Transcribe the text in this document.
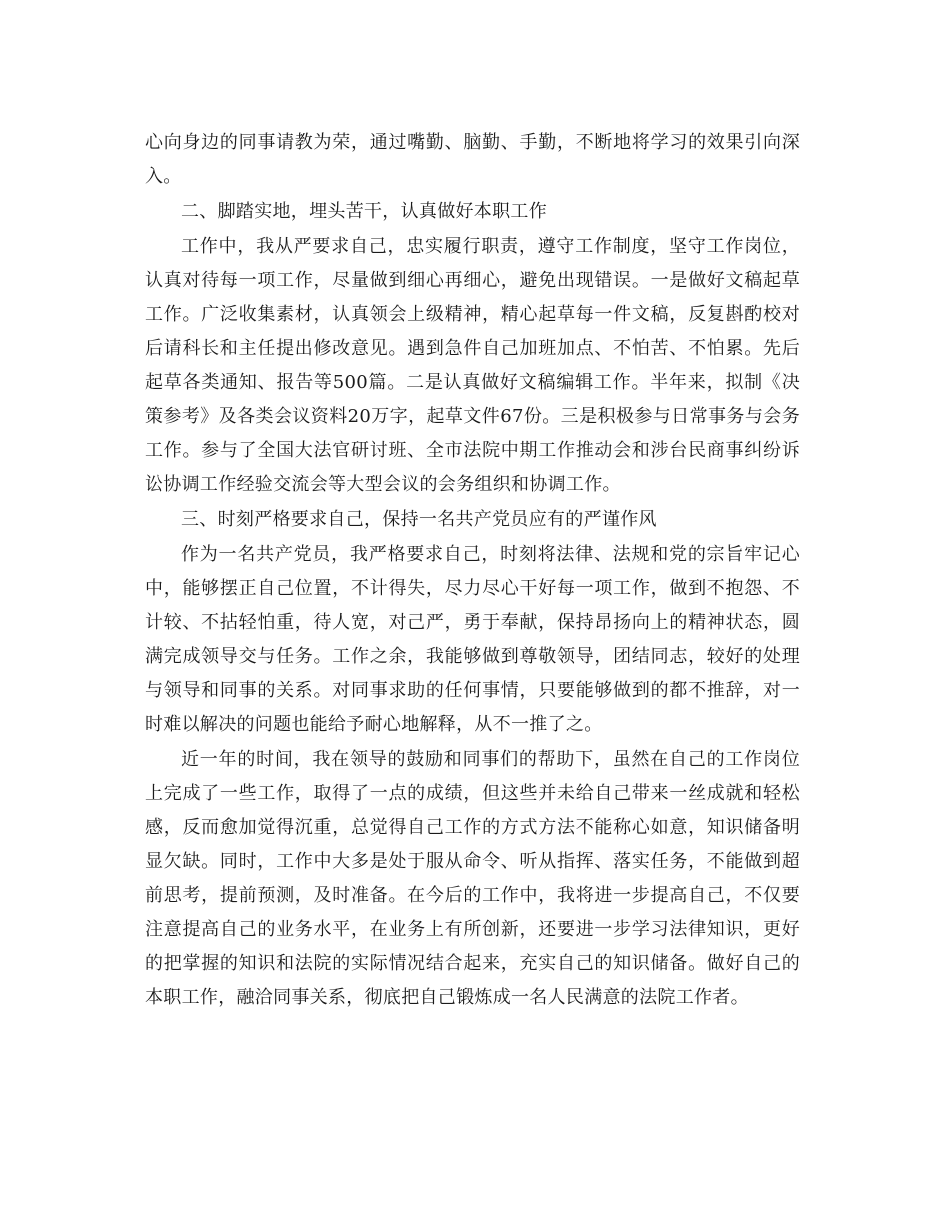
心向身边的同事请教为荣，通过嘴勤、脑勤、手勤，不断地将学习的效果引向深入。

二、脚踏实地，埋头苦干，认真做好本职工作

工作中，我从严要求自己，忠实履行职责，遵守工作制度，坚守工作岗位，认真对待每一项工作，尽量做到细心再细心，避免出现错误。一是做好文稿起草工作。广泛收集素材，认真领会上级精神，精心起草每一件文稿，反复斟酌校对后请科长和主任提出修改意见。遇到急件自己加班加点、不怕苦、不怕累。先后起草各类通知、报告等500篇。二是认真做好文稿编辑工作。半年来，拟制《决策参考》及各类会议资料20万字，起草文件67份。三是积极参与日常事务与会务工作。参与了全国大法官研讨班、全市法院中期工作推动会和涉台民商事纠纷诉讼协调工作经验交流会等大型会议的会务组织和协调工作。

三、时刻严格要求自己，保持一名共产党员应有的严谨作风

作为一名共产党员，我严格要求自己，时刻将法律、法规和党的宗旨牢记心中，能够摆正自己位置，不计得失，尽力尽心干好每一项工作，做到不抱怨、不计较、不拈轻怕重，待人宽，对己严，勇于奉献，保持昂扬向上的精神状态，圆满完成领导交与任务。工作之余，我能够做到尊敬领导，团结同志，较好的处理与领导和同事的关系。对同事求助的任何事情，只要能够做到的都不推辞，对一时难以解决的问题也能给予耐心地解释，从不一推了之。

近一年的时间，我在领导的鼓励和同事们的帮助下，虽然在自己的工作岗位上完成了一些工作，取得了一点的成绩，但这些并未给自己带来一丝成就和轻松感，反而愈加觉得沉重，总觉得自己工作的方式方法不能称心如意，知识储备明显欠缺。同时，工作中大多是处于服从命令、听从指挥、落实任务，不能做到超前思考，提前预测，及时准备。在今后的工作中，我将进一步提高自己，不仅要注意提高自己的业务水平，在业务上有所创新，还要进一步学习法律知识，更好的把掌握的知识和法院的实际情况结合起来，充实自己的知识储备。做好自己的本职工作，融洽同事关系，彻底把自己锻炼成一名人民满意的法院工作者。
